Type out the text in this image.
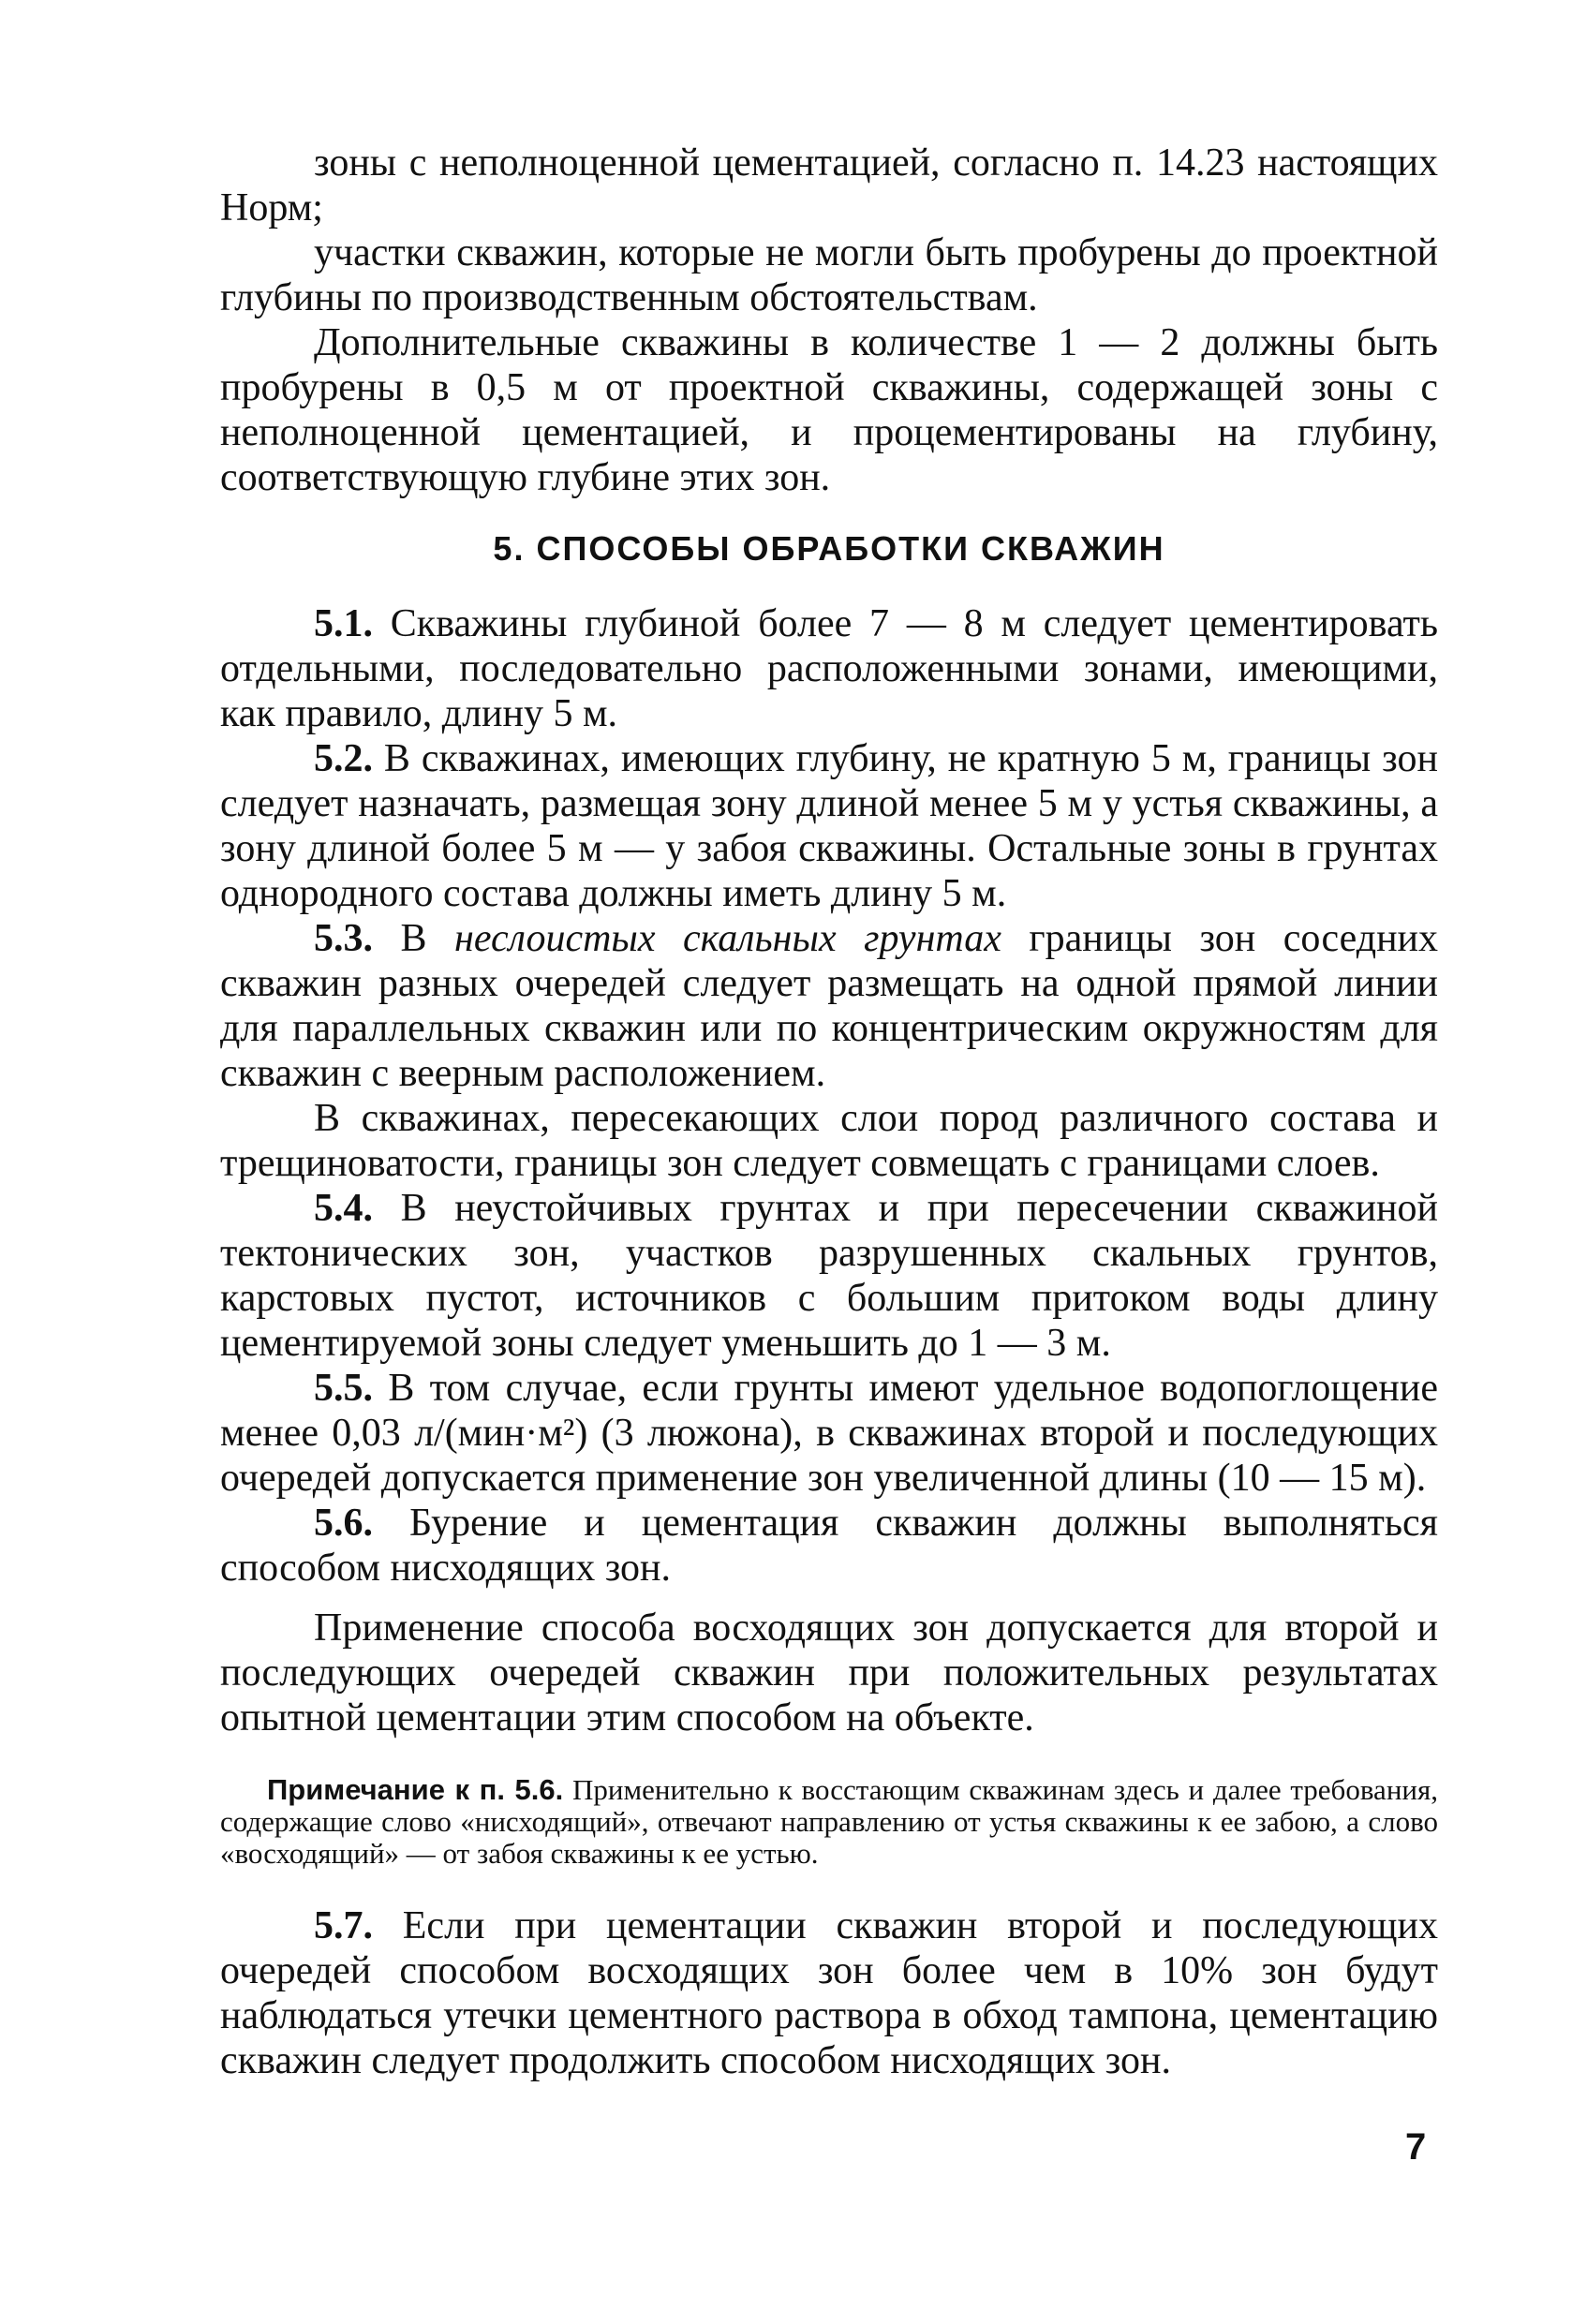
зоны с неполноценной цементацией, согласно п. 14.23 настоящих Норм;

участки скважин, которые не могли быть пробурены до проектной глубины по производственным обстоятельствам.

Дополнительные скважины в количестве 1 — 2 должны быть пробурены в 0,5 м от проектной скважины, содержащей зоны с неполноценной цементацией, и процементированы на глубину, соответствующую глубине этих зон.

5. СПОСОБЫ ОБРАБОТКИ СКВАЖИН

5.1. Скважины глубиной более 7 — 8 м следует цементировать отдельными, последовательно расположенными зонами, имеющими, как правило, длину 5 м.

5.2. В скважинах, имеющих глубину, не кратную 5 м, границы зон следует назначать, размещая зону длиной менее 5 м у устья скважины, а зону длиной более 5 м — у забоя скважины. Остальные зоны в грунтах однородного состава должны иметь длину 5 м.

5.3. В неслоистых скальных грунтах границы зон соседних скважин разных очередей следует размещать на одной прямой линии для параллельных скважин или по концентрическим окружностям для скважин с веерным расположением.

В скважинах, пересекающих слои пород различного состава и трещиноватости, границы зон следует совмещать с границами слоев.

5.4. В неустойчивых грунтах и при пересечении скважиной тектонических зон, участков разрушенных скальных грунтов, карстовых пустот, источников с большим притоком воды длину цементируемой зоны следует уменьшить до 1 — 3 м.

5.5. В том случае, если грунты имеют удельное водопоглощение менее 0,03 л/(мин·м²) (3 люжона), в скважинах второй и последующих очередей допускается применение зон увеличенной длины (10 — 15 м).

5.6. Бурение и цементация скважин должны выполняться способом нисходящих зон.

Применение способа восходящих зон допускается для второй и последующих очередей скважин при положительных результатах опытной цементации этим способом на объекте.

Примечание к п. 5.6. Применительно к восстающим скважинам здесь и далее требования, содержащие слово «нисходящий», отвечают направлению от устья скважины к ее забою, а слово «восходящий» — от забоя скважины к ее устью.

5.7. Если при цементации скважин второй и последующих очередей способом восходящих зон более чем в 10% зон будут наблюдаться утечки цементного раствора в обход тампона, цементацию скважин следует продолжить способом нисходящих зон.

7
